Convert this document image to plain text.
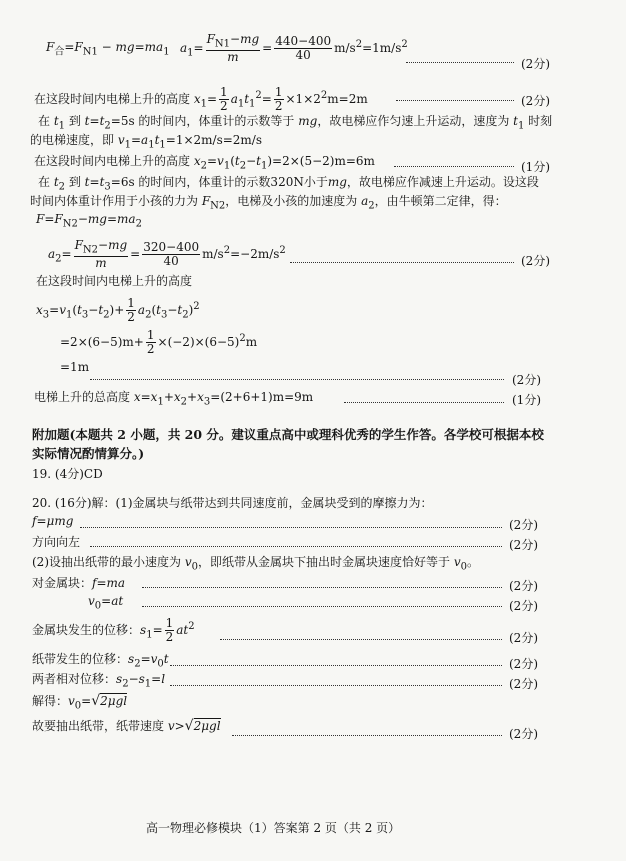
$F_合=F_{N1} - mg=ma_1$ $a_1= \frac{F_{N1}-mg}{m} = \frac{440-400}{40} m/s^2=1m/s^2$
(2分)
在这段时间内电梯上升的高度 $x_1= \frac{1}{2} a_1t_1^2= \frac{1}{2} \times 1\times 2^2m=2m$	(2分)
在 $t_1$ 到 $t=t_2=5s$ 的时间内，体重计的示数等于 mg，故电梯应作匀速上升运动，速度为 $t_1$ 时刻
的电梯速度，即 $v_1=a_1t_1=1\times 2m/s=2m/s$
在这段时间内电梯上升的高度 $x_2=v_1(t_2-t_1)=2\times(5-2)m=6m$	(1分)
在 $t_2$ 到 $t=t_3=6s$ 的时间内，体重计的示数320N小于mg，故电梯应作减速上升运动。设这段
时间内体重计作用于小孩的力为 $F_{N2}$，电梯及小孩的加速度为 $a_2$，由牛顿第二定律，得：
$F=F_{N2}-mg=ma_2$
$a_2= \frac{F_{N2}-mg}{m} = \frac{320-400}{40} m/s^2=-2m/s^2$
(2分)
在这段时间内电梯上升的高度
$x_3=v_1(t_3-t_2)+ \frac{1}{2} a_2(t_3-t_2)^2$
$=2\times(6-5)m+ \frac{1}{2} \times(-2)\times(6-5)^2m$
=1m
(2分)
电梯上升的总高度 $x=x_1+x_2+x_3=(2+6+1)m=9m$	(1分)
附加题(本题共 2 小题，共 20 分。建议重点高中或理科优秀的学生作答。各学校可根据本校
实际情况酌情算分。)
19. (4分)CD
20. (16分)解：(1)金属块与纸带达到共同速度前，金属块受到的摩擦力为：
f=μmg	(2分)
方向向左	(2分)
(2)设抽出纸带的最小速度为 $v_0$，即纸带从金属块下抽出时金属块速度恰好等于 $v_0$。
对金属块：f=ma	(2分)
$v_0=at$	(2分)
金属块发生的位移：$s_1= \frac{1}{2} at^2$
(2分)
纸带发生的位移：$s_2=v_0t$	(2分)
两者相对位移：$s_2-s_1=l$	(2分)
解得：$v_0=√2\mu gl$
故要抽出纸带，纸带速度 v>√2μgl
(2分)
高一物理必修模块（1）答案第 2 页（共 2 页）
